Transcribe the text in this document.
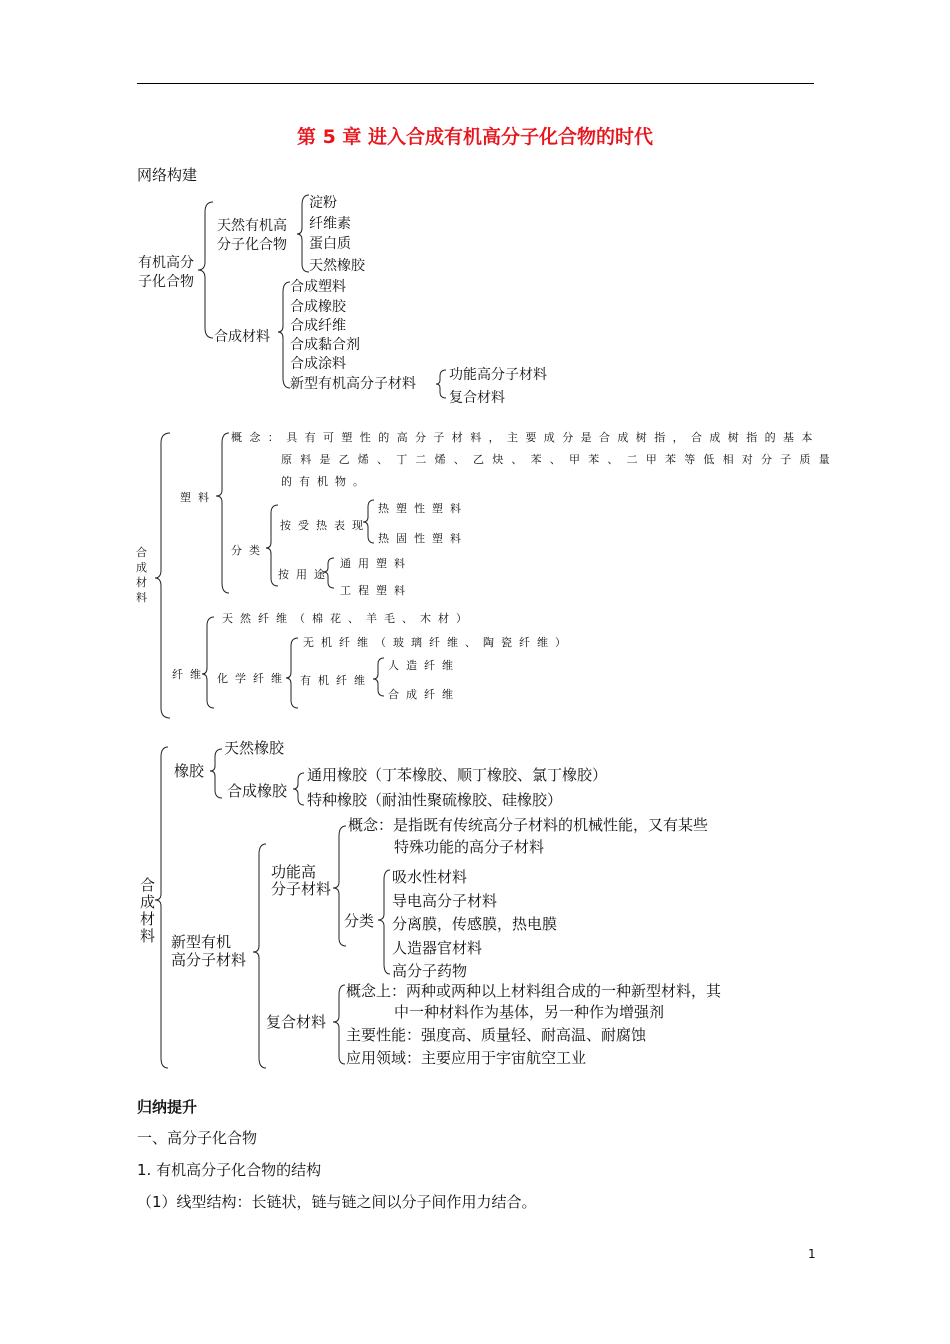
第 5 章 进入合成有机高分子化合物的时代
网络构建
有机高分
子化合物
天然有机高
分子化合物
淀粉
纤维素
蛋白质
天然橡胶
合成材料
合成塑料
合成橡胶
合成纤维
合成黏合剂
合成涂料
新型有机高分子材料
功能高分子材料
复合材料
合成材料
塑料
概念：具有可塑性的高分子材料，主要成分是合成树指，合成树指的基本
原料是乙烯、丁二烯、乙炔、苯、甲苯、二甲苯等低相对分子质量
的有机物。
分类
按受热表现
热塑性塑料
热固性塑料
按用途
通用塑料
工程塑料
纤维
天然纤维（棉花、羊毛、木材）
化学纤维
无机纤维（玻璃纤维、陶瓷纤维）
有机纤维
人造纤维
合成纤维
合
成
材
料
橡胶
天然橡胶
合成橡胶
通用橡胶（丁苯橡胶、顺丁橡胶、氯丁橡胶）
特种橡胶（耐油性聚硫橡胶、硅橡胶）
新型有机
高分子材料
功能高
分子材料
概念：是指既有传统高分子材料的机械性能，又有某些
特殊功能的高分子材料
分类
吸水性材料
导电高分子材料
分离膜，传感膜，热电膜
人造器官材料
高分子药物
复合材料
概念上：两种或两种以上材料组合成的一种新型材料，其
中一种材料作为基体，另一种作为增强剂
主要性能：强度高、质量轻、耐高温、耐腐蚀
应用领域：主要应用于宇宙航空工业
归纳提升
一、高分子化合物
1. 有机高分子化合物的结构
（1）线型结构：长链状，链与链之间以分子间作用力结合。
1
